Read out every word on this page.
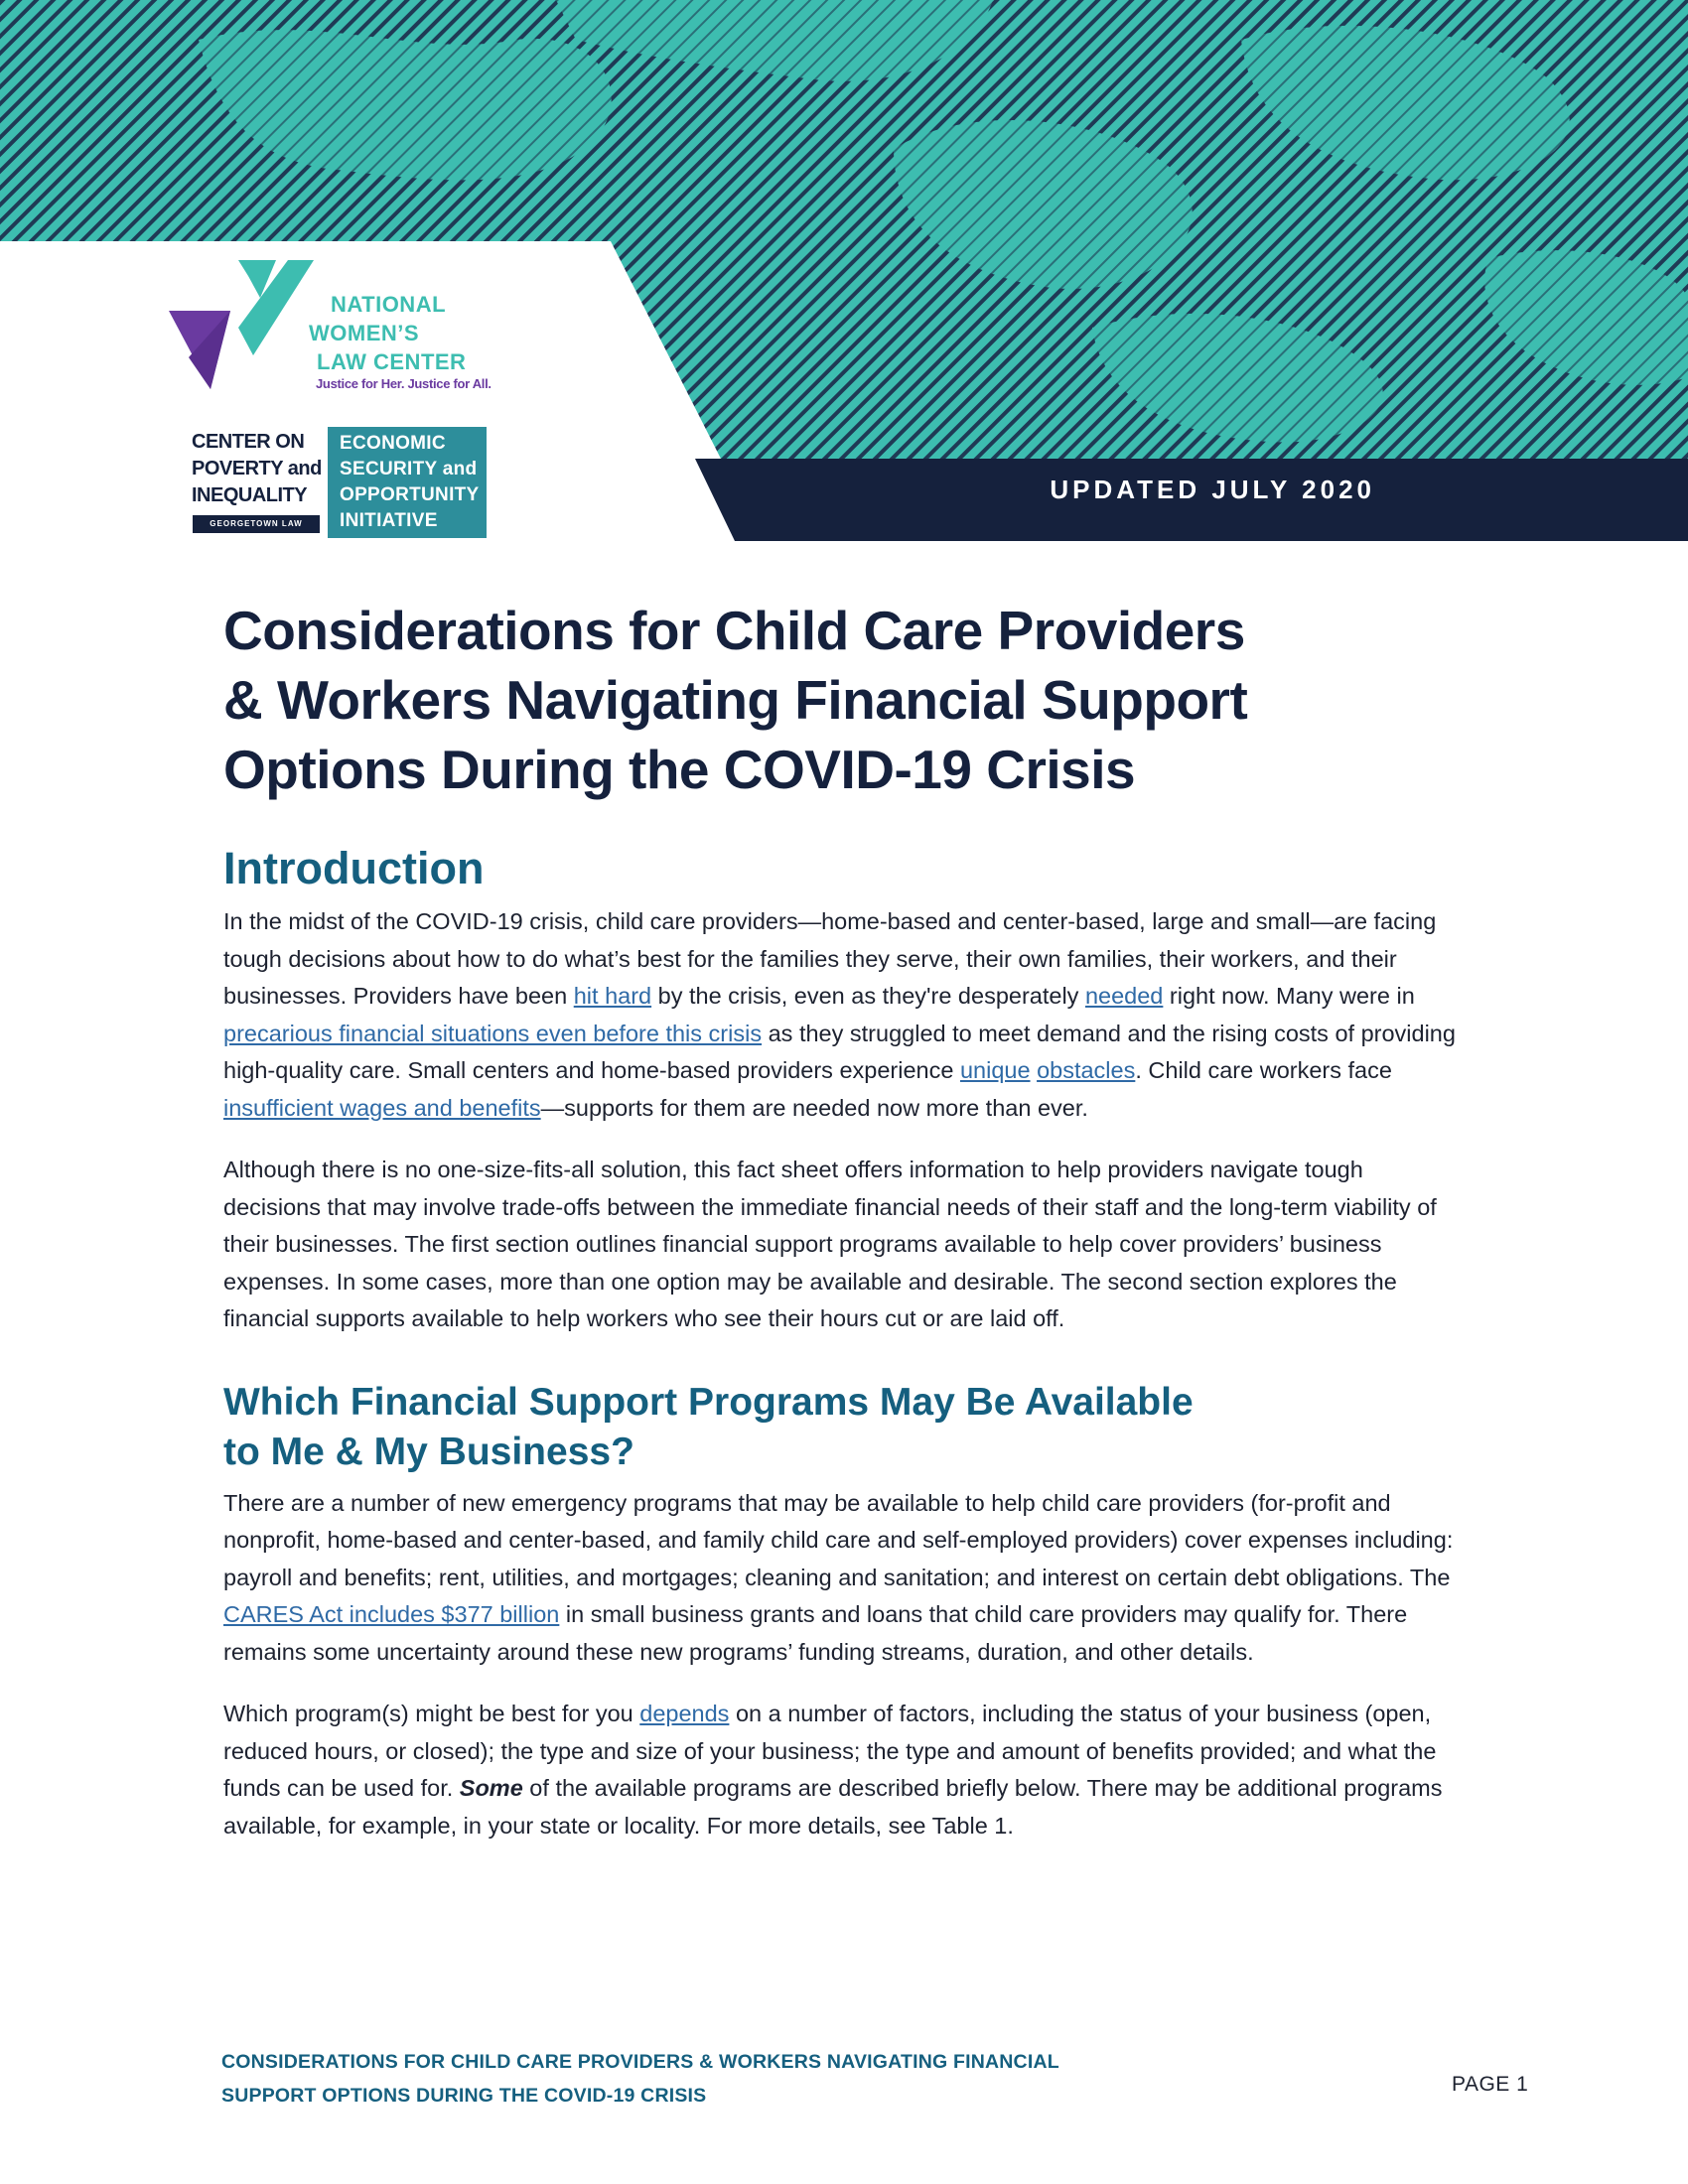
NATIONAL
WOMEN’S
LAW CENTER
Justice for Her. Justice for All.
CENTER ON
POVERTY and
INEQUALITY
GEORGETOWN LAW
ECONOMIC
SECURITY and
OPPORTUNITY
INITIATIVE
UPDATED JULY 2020
Considerations for Child Care Providers
& Workers Navigating Financial Support
Options During the COVID-19 Crisis
Introduction

In the midst of the COVID-19 crisis, child care providers—home-based and center-based, large and small—are facing tough decisions about how to do what’s best for the families they serve, their own families, their workers, and their businesses. Providers have been hit hard by the crisis, even as they're desperately needed right now. Many were in precarious financial situations even before this crisis as they struggled to meet demand and the rising costs of providing high-quality care. Small centers and home-based providers experience unique obstacles. Child care workers face insufficient wages and benefits—supports for them are needed now more than ever.

Although there is no one-size-fits-all solution, this fact sheet offers information to help providers navigate tough decisions that may involve trade-offs between the immediate financial needs of their staff and the long-term viability of their businesses. The first section outlines financial support programs available to help cover providers’ business expenses. In some cases, more than one option may be available and desirable. The second section explores the financial supports available to help workers who see their hours cut or are laid off.

Which Financial Support Programs May Be Available
to Me & My Business?

There are a number of new emergency programs that may be available to help child care providers (for-profit and nonprofit, home-based and center-based, and family child care and self-employed providers) cover expenses including: payroll and benefits; rent, utilities, and mortgages; cleaning and sanitation; and interest on certain debt obligations. The CARES Act includes $377 billion in small business grants and loans that child care providers may qualify for. There remains some uncertainty around these new programs’ funding streams, duration, and other details.

Which program(s) might be best for you depends on a number of factors, including the status of your business (open, reduced hours, or closed); the type and size of your business; the type and amount of benefits provided; and what the funds can be used for. Some of the available programs are described briefly below. There may be additional programs available, for example, in your state or locality. For more details, see Table 1.

CONSIDERATIONS FOR CHILD CARE PROVIDERS & WORKERS NAVIGATING FINANCIAL
SUPPORT OPTIONS DURING THE COVID-19 CRISIS	PAGE 1
